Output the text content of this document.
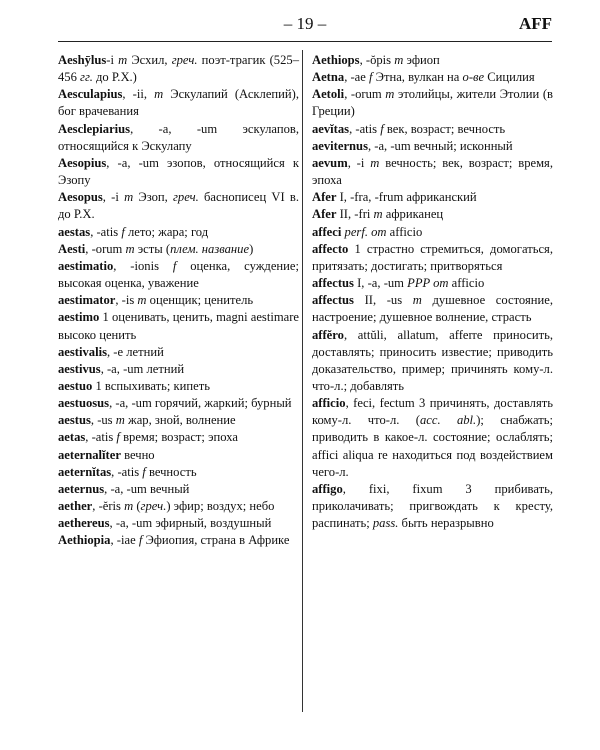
– 19 –	AFF

Aeshȳlus-i m Эсхил, греч. поэт-трагик (525–456 гг. до Р.Х.)

Aesculapius, -ii, m Эскулапий (Асклепий), бог врачевания

Aesclepiarius, -a, -um эскулапов, относящийся к Эскулапу

Aesopius, -a, -um эзопов, относящийся к Эзопу

Aesopus, -i m Эзоп, греч. баснописец VI в. до Р.Х.

aestas, -atis f лето; жара; год

Aesti, -orum m эсты (плем. название)

aestimatio, -ionis f оценка, суждение; высокая оценка, уважение

aestimator, -is m оценщик; ценитель

aestimo 1 оценивать, ценить, magni aestimare высоко ценить

aestivalis, -e летний

aestivus, -a, -um летний

aestuo 1 вспыхивать; кипеть

aestuosus, -a, -um горячий, жаркий; бурный

aestus, -us m жар, зной, волнение

aetas, -atis f время; возраст; эпоха

aeternalĭter вечно

aeternĭtas, -atis f вечность

aeternus, -a, -um вечный

aether, -ĕris m (греч.) эфир; воздух; небо

aethereus, -a, -um эфирный, воздушный

Aethiopia, -iae f Эфиопия, страна в Африке

Aethiops, -ŏpis m эфиоп

Aetna, -ae f Этна, вулкан на о-ве Сицилия

Aetoli, -orum m этолийцы, жители Этолии (в Греции)

aevĭtas, -atis f век, возраст; вечность

aeviternus, -a, -um вечный; исконный

aevum, -i m вечность; век, возраст; время, эпоха

Afer I, -fra, -frum африканский

Afer II, -fri m африканец

affeci perf. от afficio

affecto 1 страстно стремиться, домогаться, притязать; достигать; притворяться

affectus I, -a, -um PPP от afficio

affectus II, -us m душевное состояние, настроение; душевное волнение, страсть

affĕro, attŭli, allatum, afferre приносить, доставлять; приносить известие; приводить доказательство, пример; причинять кому-л. что-л.; добавлять

afficio, feci, fectum 3 причинять, доставлять кому-л. что-л. (acc. abl.); снабжать; приводить в какое-л. состояние; ослаблять; affici aliqua re находиться под воздействием чего-л.

affigo, fixi, fixum 3 прибивать, приколачивать; пригвождать к кресту, распинать; pass. быть неразрывно
